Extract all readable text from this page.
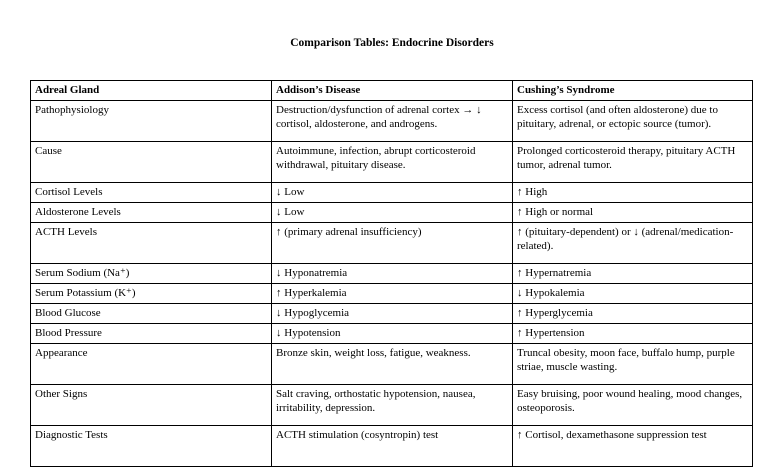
Comparison Tables: Endocrine Disorders
Adreal Gland	Addison’s Disease	Cushing’s Syndrome
Pathophysiology	Destruction/dysfunction of adrenal cortex → ↓ cortisol, aldosterone, and androgens.	Excess cortisol (and often aldosterone) due to pituitary, adrenal, or ectopic source (tumor).
Cause	Autoimmune, infection, abrupt corticosteroid withdrawal, pituitary disease.	Prolonged corticosteroid therapy, pituitary ACTH tumor, adrenal tumor.
Cortisol Levels	↓ Low	↑ High
Aldosterone Levels	↓ Low	↑ High or normal
ACTH Levels	↑ (primary adrenal insufficiency)	↑ (pituitary-dependent) or ↓ (adrenal/medication-related).
Serum Sodium (Na⁺)	↓ Hyponatremia	↑ Hypernatremia
Serum Potassium (K⁺)	↑ Hyperkalemia	↓ Hypokalemia
Blood Glucose	↓ Hypoglycemia	↑ Hyperglycemia
Blood Pressure	↓ Hypotension	↑ Hypertension
Appearance	Bronze skin, weight loss, fatigue, weakness.	Truncal obesity, moon face, buffalo hump, purple striae, muscle wasting.
Other Signs	Salt craving, orthostatic hypotension, nausea, irritability, depression.	Easy bruising, poor wound healing, mood changes, osteoporosis.
Diagnostic Tests	ACTH stimulation (cosyntropin) test	↑ Cortisol, dexamethasone suppression test
